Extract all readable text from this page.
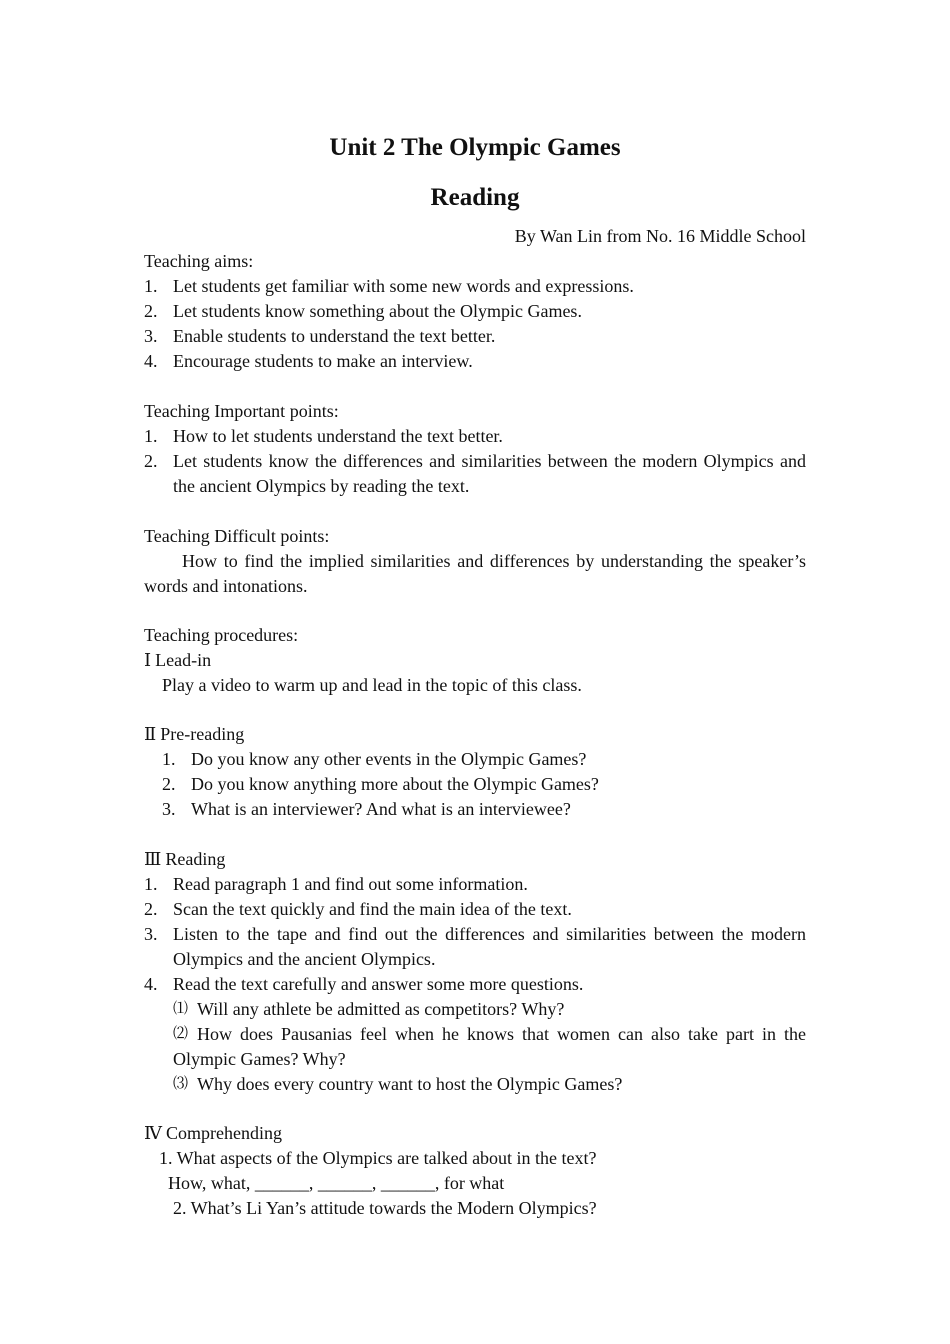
Unit 2 The Olympic Games
Reading
By Wan Lin from No. 16 Middle School
Teaching aims:
1. Let students get familiar with some new words and expressions.
2. Let students know something about the Olympic Games.
3. Enable students to understand the text better.
4. Encourage students to make an interview.
Teaching Important points:
1. How to let students understand the text better.
2. Let students know the differences and similarities between the modern Olympics and the ancient Olympics by reading the text.
Teaching Difficult points:
How to find the implied similarities and differences by understanding the speaker’s words and intonations.
Teaching procedures:
Ⅰ Lead-in
Play a video to warm up and lead in the topic of this class.
Ⅱ Pre-reading
1. Do you know any other events in the Olympic Games?
2. Do you know anything more about the Olympic Games?
3. What is an interviewer? And what is an interviewee?
Ⅲ Reading
1. Read paragraph 1 and find out some information.
2. Scan the text quickly and find the main idea of the text.
3. Listen to the tape and find out the differences and similarities between the modern Olympics and the ancient Olympics.
4. Read the text carefully and answer some more questions.
⑴ Will any athlete be admitted as competitors? Why?
⑵ How does Pausanias feel when he knows that women can also take part in the Olympic Games? Why?
⑶ Why does every country want to host the Olympic Games?
Ⅳ Comprehending
1. What aspects of the Olympics are talked about in the text?
How, what, ______, ______, ______, for what
2. What’s Li Yan’s attitude towards the Modern Olympics?
